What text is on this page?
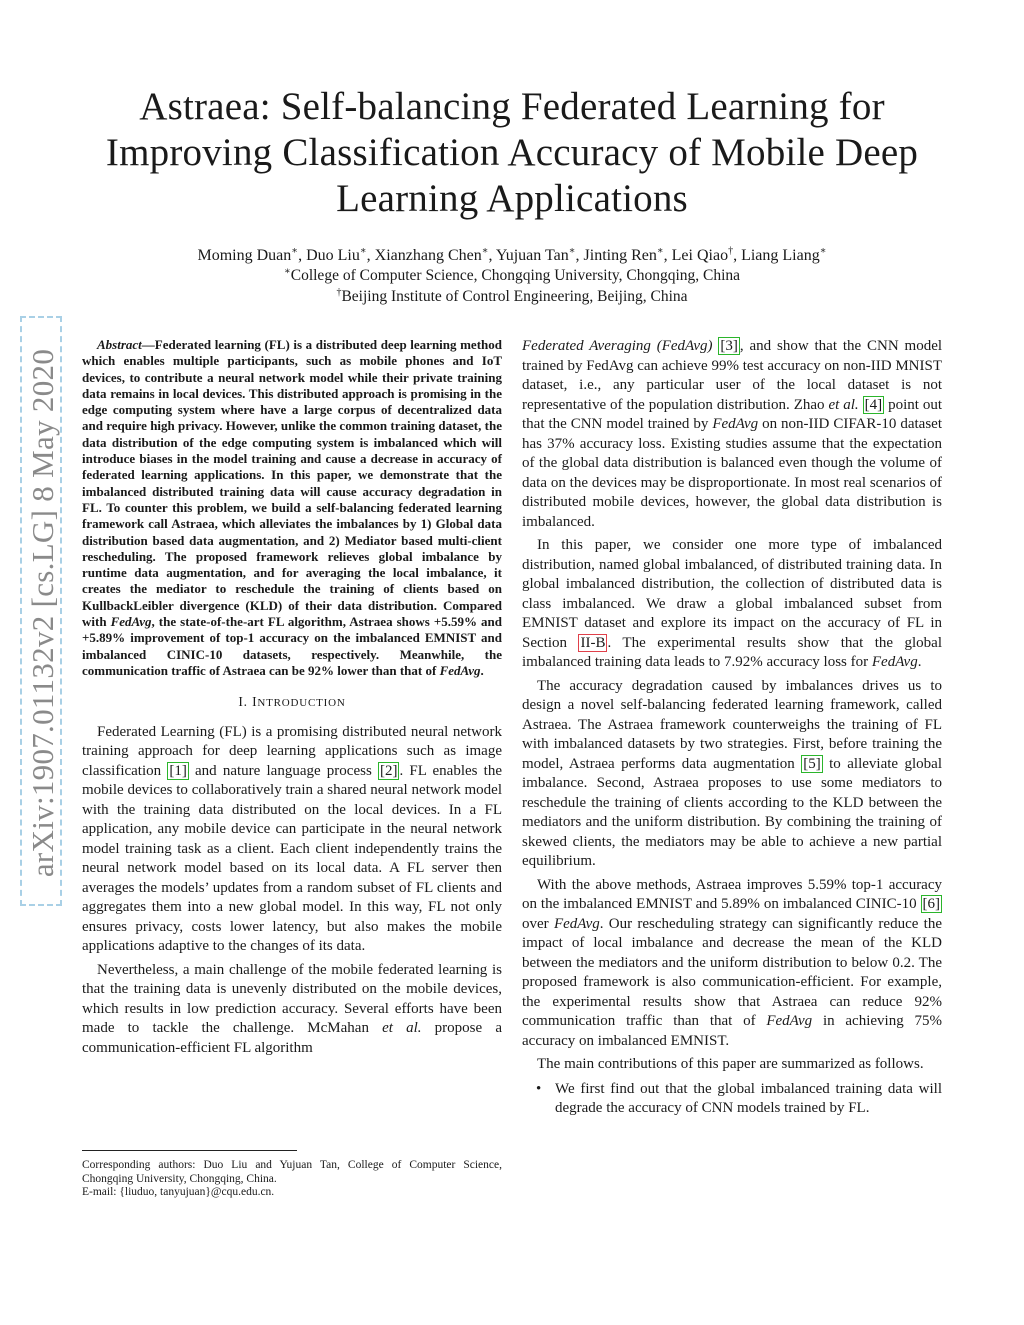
Astraea: Self-balancing Federated Learning for Improving Classification Accuracy of Mobile Deep Learning Applications
Moming Duan∗, Duo Liu∗, Xianzhang Chen∗, Yujuan Tan∗, Jinting Ren∗, Lei Qiao†, Liang Liang∗
∗College of Computer Science, Chongqing University, Chongqing, China
†Beijing Institute of Control Engineering, Beijing, China
arXiv:1907.01132v2 [cs.LG] 8 May 2020

Abstract—Federated learning (FL) is a distributed deep learning method which enables multiple participants, such as mobile phones and IoT devices, to contribute a neural network model while their private training data remains in local devices. This distributed approach is promising in the edge computing system where have a large corpus of decentralized data and require high privacy. However, unlike the common training dataset, the data distribution of the edge computing system is imbalanced which will introduce biases in the model training and cause a decrease in accuracy of federated learning applications. In this paper, we demonstrate that the imbalanced distributed training data will cause accuracy degradation in FL. To counter this problem, we build a self-balancing federated learning framework call Astraea, which alleviates the imbalances by 1) Global data distribution based data augmentation, and 2) Mediator based multi-client rescheduling. The proposed framework relieves global imbalance by runtime data augmentation, and for averaging the local imbalance, it creates the mediator to reschedule the training of clients based on KullbackLeibler divergence (KLD) of their data distribution. Compared with FedAvg, the state-of-the-art FL algorithm, Astraea shows +5.59% and +5.89% improvement of top-1 accuracy on the imbalanced EMNIST and imbalanced CINIC-10 datasets, respectively. Meanwhile, the communication traffic of Astraea can be 92% lower than that of FedAvg.

I. INTRODUCTION

Federated Learning (FL) is a promising distributed neural network training approach for deep learning applications such as image classification [1] and nature language process [2] . FL enables the mobile devices to collaboratively train a shared neural network model with the training data distributed on the local devices. In a FL application, any mobile device can participate in the neural network model training task as a client. Each client independently trains the neural network model based on its local data. A FL server then averages the models’ updates from a random subset of FL clients and aggregates them into a new global model. In this way, FL not only ensures privacy, costs lower latency, but also makes the mobile applications adaptive to the changes of its data.

Nevertheless, a main challenge of the mobile federated learning is that the training data is unevenly distributed on the mobile devices, which results in low prediction accuracy. Several efforts have been made to tackle the challenge. McMahan et al. propose a communication-efficient FL algorithm

Corresponding authors: Duo Liu and Yujuan Tan, College of Computer Science, Chongqing University, Chongqing, China.

E-mail: {liuduo, tanyujuan}@cqu.edu.cn.

Federated Averaging (FedAvg) [3] , and show that the CNN model trained by FedAvg can achieve 99% test accuracy on non-IID MNIST dataset, i.e., any particular user of the local dataset is not representative of the population distribution. Zhao et al. [4] point out that the CNN model trained by FedAvg on non-IID CIFAR-10 dataset has 37% accuracy loss. Existing studies assume that the expectation of the global data distribution is balanced even though the volume of data on the devices may be disproportionate. In most real scenarios of distributed mobile devices, however, the global data distribution is imbalanced.

In this paper, we consider one more type of imbalanced distribution, named global imbalanced, of distributed training data. In global imbalanced distribution, the collection of distributed data is class imbalanced. We draw a global imbalanced subset from EMNIST dataset and explore its impact on the accuracy of FL in Section II-B . The experimental results show that the global imbalanced training data leads to 7.92% accuracy loss for FedAvg.

The accuracy degradation caused by imbalances drives us to design a novel self-balancing federated learning framework, called Astraea. The Astraea framework counterweighs the training of FL with imbalanced datasets by two strategies. First, before training the model, Astraea performs data augmentation [5] to alleviate global imbalance. Second, Astraea proposes to use some mediators to reschedule the training of clients according to the KLD between the mediators and the uniform distribution. By combining the training of skewed clients, the mediators may be able to achieve a new partial equilibrium.

With the above methods, Astraea improves 5.59% top-1 accuracy on the imbalanced EMNIST and 5.89% on imbalanced CINIC-10 [6] over FedAvg. Our rescheduling strategy can significantly reduce the impact of local imbalance and decrease the mean of the KLD between the mediators and the uniform distribution to below 0.2. The proposed framework is also communication-efficient. For example, the experimental results show that Astraea can reduce 92% communication traffic than that of FedAvg in achieving 75% accuracy on imbalanced EMNIST.

The main contributions of this paper are summarized as follows.

• We first find out that the global imbalanced training data will degrade the accuracy of CNN models trained by FL.
